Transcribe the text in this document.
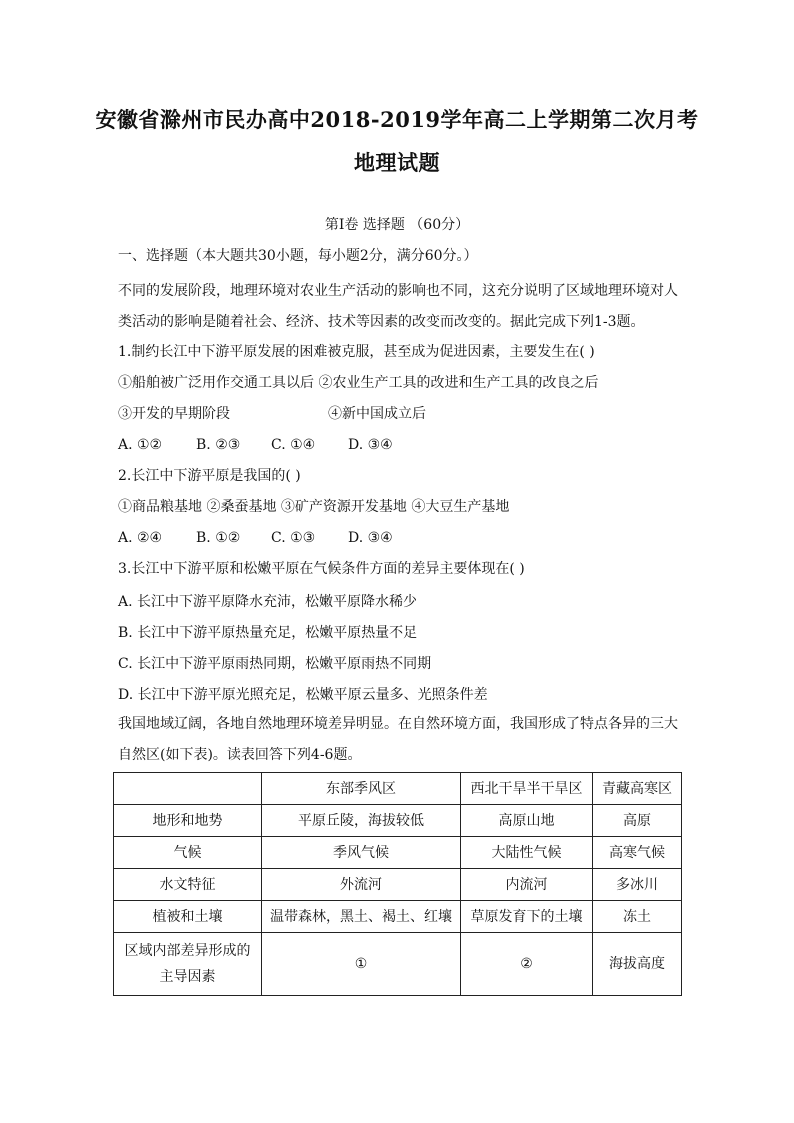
安徽省滁州市民办高中2018-2019学年高二上学期第二次月考
地理试题
第I卷 选择题 （60分）
一、选择题（本大题共30小题，每小题2分，满分60分。）
不同的发展阶段，地理环境对农业生产活动的影响也不同，这充分说明了区域地理环境对人
类活动的影响是随着社会、经济、技术等因素的改变而改变的。据此完成下列1-3题。
1.制约长江中下游平原发展的困难被克服，甚至成为促进因素，主要发生在( )
①船舶被广泛用作交通工具以后 ②农业生产工具的改进和生产工具的改良之后
③开发的早期阶段	④新中国成立后
A. ①② B. ②③ C. ①④ D. ③④
2.长江中下游平原是我国的( )
①商品粮基地 ②桑蚕基地 ③矿产资源开发基地 ④大豆生产基地
A. ②④ B. ①② C. ①③ D. ③④
3.长江中下游平原和松嫩平原在气候条件方面的差异主要体现在( )
A. 长江中下游平原降水充沛，松嫩平原降水稀少
B. 长江中下游平原热量充足，松嫩平原热量不足
C. 长江中下游平原雨热同期，松嫩平原雨热不同期
D. 长江中下游平原光照充足，松嫩平原云量多、光照条件差
我国地域辽阔，各地自然地理环境差异明显。在自然环境方面，我国形成了特点各异的三大
自然区(如下表)。读表回答下列4-6题。
	东部季风区	西北干旱半干旱区	青藏高寒区
地形和地势	平原丘陵，海拔较低	高原山地	高原
气候	季风气候	大陆性气候	高寒气候
水文特征	外流河	内流河	多冰川
植被和土壤	温带森林，黑土、褐土、红壤	草原发育下的土壤	冻土

区域内部差异形成的
主导因素	①	②	海拔高度
